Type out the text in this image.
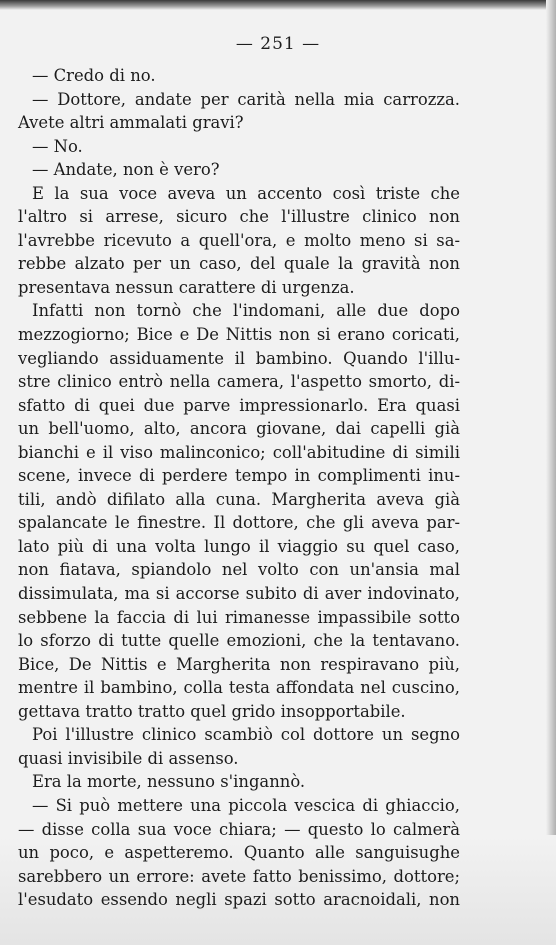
— 251 —
— Credo di no.
— Dottore, andate per carità nella mia carrozza.
Avete altri ammalati gravi?
— No.
— Andate, non è vero?
E la sua voce aveva un accento così triste che
l'altro si arrese, sicuro che l'illustre clinico non
l'avrebbe ricevuto a quell'ora, e molto meno si sa-
rebbe alzato per un caso, del quale la gravità non
presentava nessun carattere di urgenza.
Infatti non tornò che l'indomani, alle due dopo
mezzogiorno; Bice e De Nittis non si erano coricati,
vegliando assiduamente il bambino. Quando l'illu-
stre clinico entrò nella camera, l'aspetto smorto, di-
sfatto di quei due parve impressionarlo. Era quasi
un bell'uomo, alto, ancora giovane, dai capelli già
bianchi e il viso malinconico; coll'abitudine di simili
scene, invece di perdere tempo in complimenti inu-
tili, andò difilato alla cuna. Margherita aveva già
spalancate le finestre. Il dottore, che gli aveva par-
lato più di una volta lungo il viaggio su quel caso,
non fiatava, spiandolo nel volto con un'ansia mal
dissimulata, ma si accorse subito di aver indovinato,
sebbene la faccia di lui rimanesse impassibile sotto
lo sforzo di tutte quelle emozioni, che la tentavano.
Bice, De Nittis e Margherita non respiravano più,
mentre il bambino, colla testa affondata nel cuscino,
gettava tratto tratto quel grido insopportabile.
Poi l'illustre clinico scambiò col dottore un segno
quasi invisibile di assenso.
Era la morte, nessuno s'ingannò.
— Si può mettere una piccola vescica di ghiaccio,
— disse colla sua voce chiara; — questo lo calmerà
un poco, e aspetteremo. Quanto alle sanguisughe
sarebbero un errore: avete fatto benissimo, dottore;
l'esudato essendo negli spazi sotto aracnoidali, non
